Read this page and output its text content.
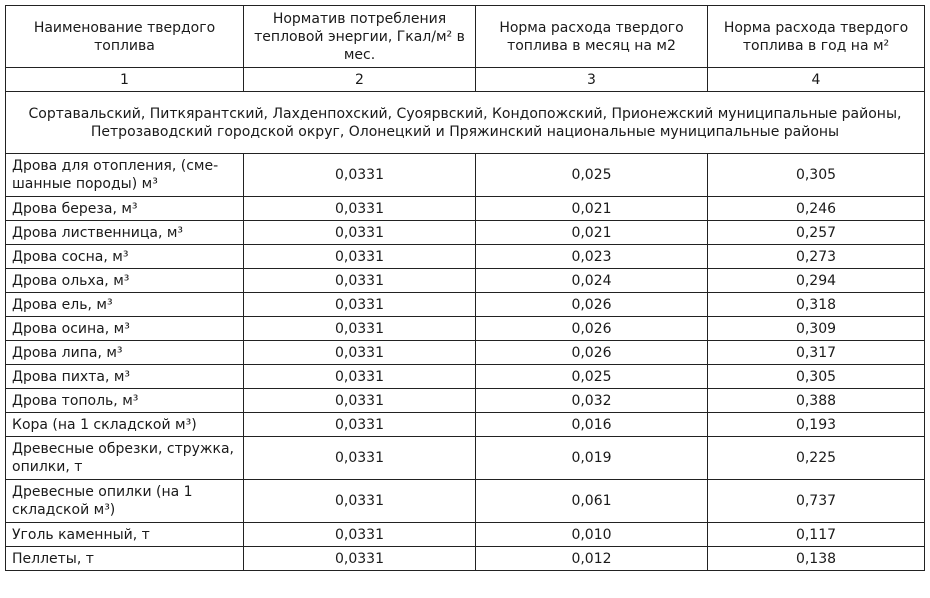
Наименование твердого топлива	Норматив потребления тепловой энергии, Гкал/м² в мес.	Норма расхода твердого топлива в месяц на м2	Норма расхода твердого топлива в год на м²
1	2	3	4
Сортавальский, Питкярантский, Лахденпохский, Суоярвский, Кондопожский, Прионежский муниципальные районы, Петрозаводский городской округ, Олонецкий и Пряжинский национальные муниципальные районы			
Дрова для отопления, (сме-шанные породы) м³	0,0331	0,025	0,305
Дрова береза, м³	0,0331	0,021	0,246
Дрова лиственница, м³	0,0331	0,021	0,257
Дрова сосна, м³	0,0331	0,023	0,273
Дрова ольха, м³	0,0331	0,024	0,294
Дрова ель, м³	0,0331	0,026	0,318
Дрова осина, м³	0,0331	0,026	0,309
Дрова липа, м³	0,0331	0,026	0,317
Дрова пихта, м³	0,0331	0,025	0,305
Дрова тополь, м³	0,0331	0,032	0,388
Кора (на 1 складской м³)	0,0331	0,016	0,193
Древесные обрезки, стружка, опилки, т	0,0331	0,019	0,225
Древесные опилки (на 1 складской м³)	0,0331	0,061	0,737
Уголь каменный, т	0,0331	0,010	0,117
Пеллеты, т	0,0331	0,012	0,138
